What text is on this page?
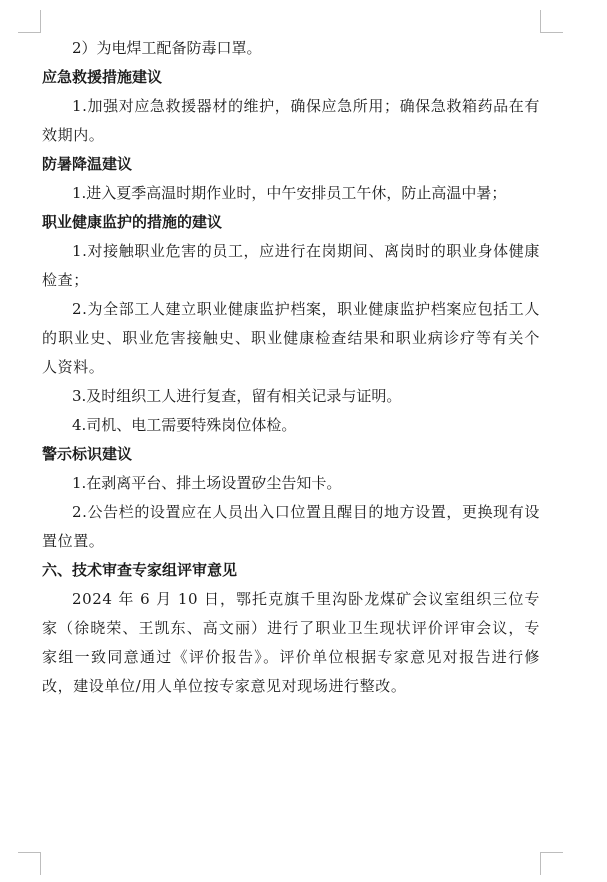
2）为电焊工配备防毒口罩。

应急救援措施建议

1.加强对应急救援器材的维护，确保应急所用；确保急救箱药品在有效期内。

防暑降温建议

1.进入夏季高温时期作业时，中午安排员工午休，防止高温中暑；

职业健康监护的措施的建议

1.对接触职业危害的员工，应进行在岗期间、离岗时的职业身体健康检查；

2.为全部工人建立职业健康监护档案，职业健康监护档案应包括工人的职业史、职业危害接触史、职业健康检查结果和职业病诊疗等有关个人资料。

3.及时组织工人进行复查，留有相关记录与证明。

4.司机、电工需要特殊岗位体检。

警示标识建议

1.在剥离平台、排土场设置矽尘告知卡。

2.公告栏的设置应在人员出入口位置且醒目的地方设置，更换现有设置位置。

六、技术审查专家组评审意见

2024 年 6 月 10 日，鄂托克旗千里沟卧龙煤矿会议室组织三位专家（徐晓荣、王凯东、高文丽）进行了职业卫生现状评价评审会议，专家组一致同意通过《评价报告》。评价单位根据专家意见对报告进行修改，建设单位/用人单位按专家意见对现场进行整改。
